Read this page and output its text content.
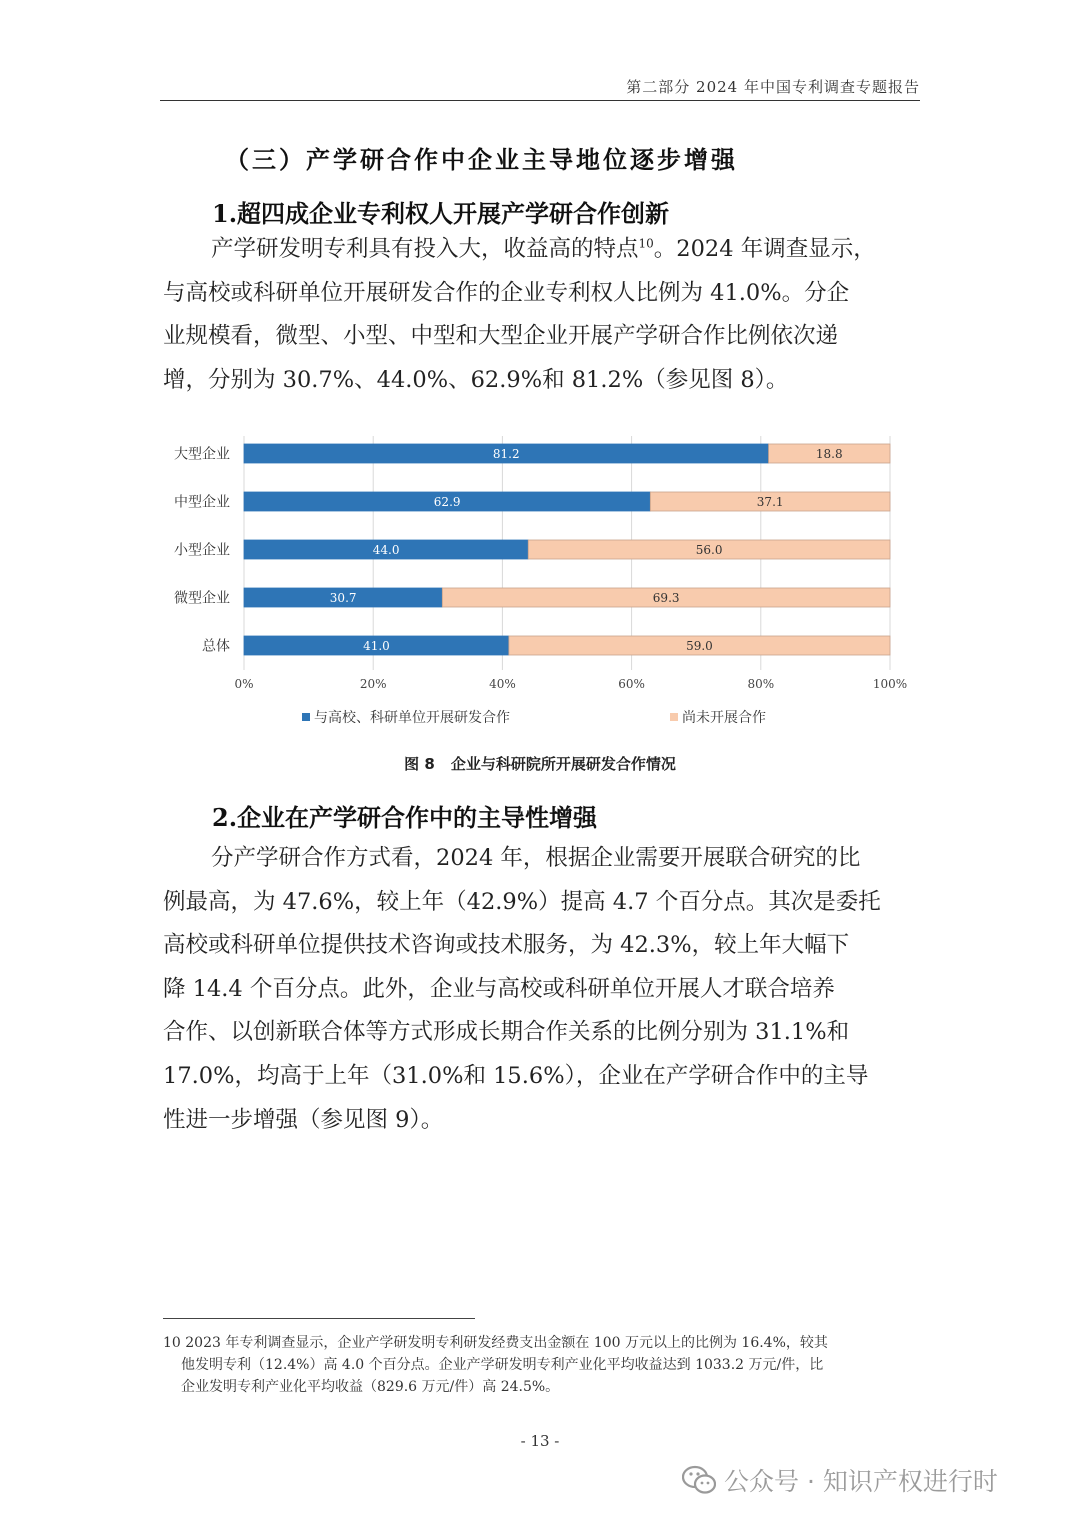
第二部分 2024 年中国专利调查专题报告
（三）产学研合作中企业主导地位逐步增强
1.超四成企业专利权人开展产学研合作创新
产学研发明专利具有投入大，收益高的特点$^{10}$。2024 年调查显示，
与高校或科研单位开展研发合作的企业专利权人比例为 41.0%。分企
业规模看，微型、小型、中型和大型企业开展产学研合作比例依次递
增，分别为 30.7%、44.0%、62.9%和 81.2%（参见图 8）。
0%	20%	40%	60%	80%	100%
大型企业	81.2	18.8
中型企业	62.9	37.1
小型企业	44.0	56.0
微型企业	30.7	69.3
总体	41.0	59.0
与高校、科研单位开展研发合作	尚未开展合作
图 8 企业与科研院所开展研发合作情况
2.企业在产学研合作中的主导性增强
分产学研合作方式看，2024 年，根据企业需要开展联合研究的比
例最高，为 47.6%，较上年（42.9%）提高 4.7 个百分点。其次是委托
高校或科研单位提供技术咨询或技术服务，为 42.3%，较上年大幅下
降 14.4 个百分点。此外，企业与高校或科研单位开展人才联合培养
合作、以创新联合体等方式形成长期合作关系的比例分别为 31.1%和
17.0%，均高于上年（31.0%和 15.6%），企业在产学研合作中的主导
性进一步增强（参见图 9）。
10 2023 年专利调查显示，企业产学研发明专利研发经费支出金额在 100 万元以上的比例为 16.4%，较其
他发明专利（12.4%）高 4.0 个百分点。企业产学研发明专利产业化平均收益达到 1033.2 万元/件，比
企业发明专利产业化平均收益（829.6 万元/件）高 24.5%。
- 13 -
公众号 · 知识产权进行时
